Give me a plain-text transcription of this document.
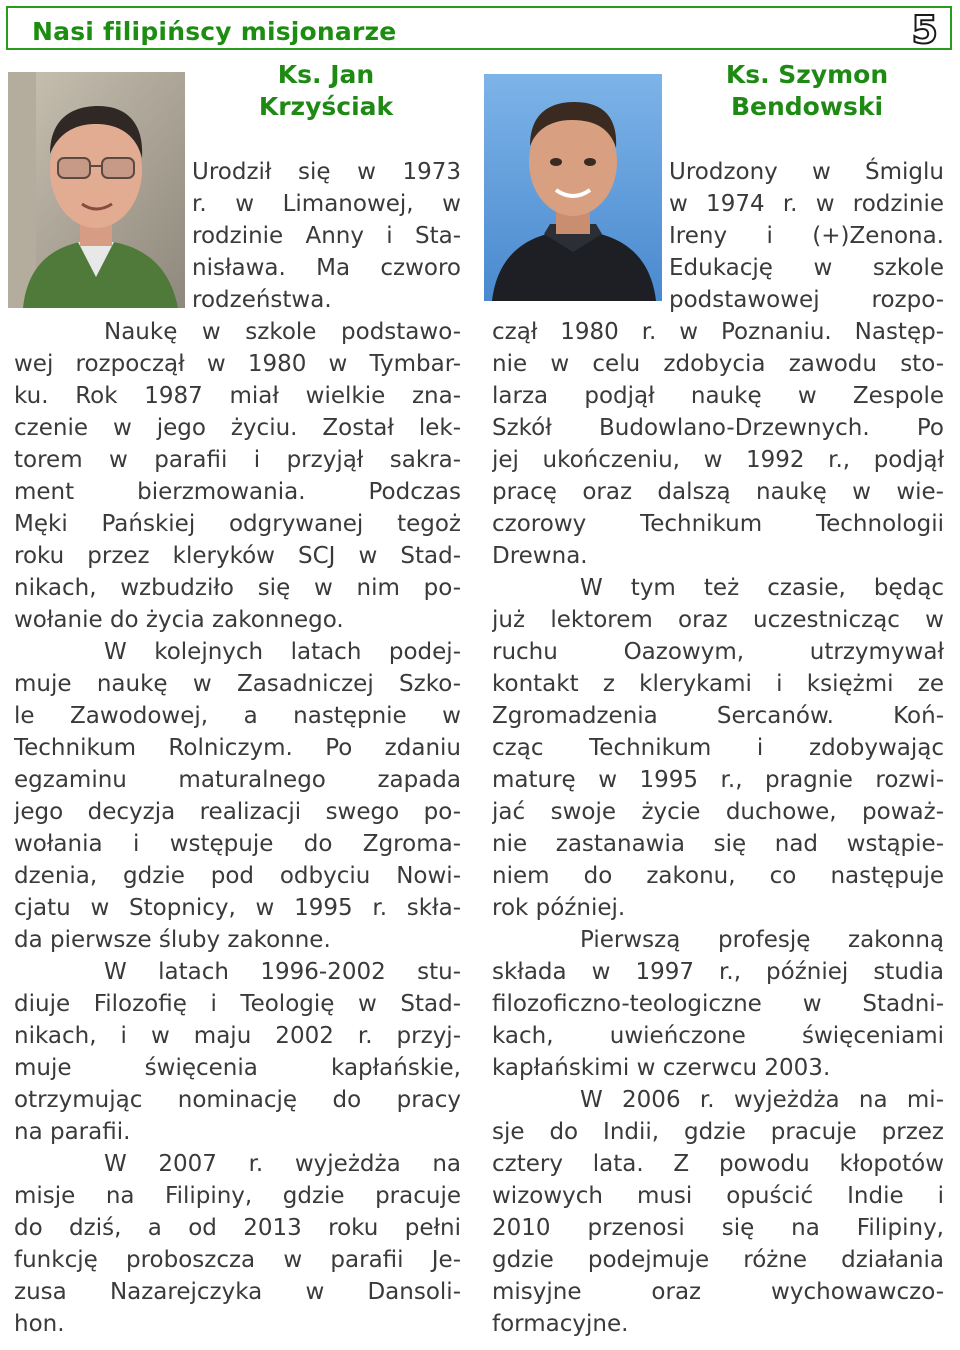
Nasi filipińscy misjonarze	5
Ks. Jan
Krzyściak
Ks. Szymon
Bendowski
Urodził się w 1973
r. w Limanowej, w
rodzinie Anny i Sta-
nisława. Ma czworo
rodzeństwa.
Naukę w szkole podstawo-
wej rozpoczął w 1980 w Tymbar-
ku. Rok 1987 miał wielkie zna-
czenie w jego życiu. Został lek-
torem w parafii i przyjął sakra-
ment bierzmowania. Podczas
Męki Pańskiej odgrywanej tegoż
roku przez kleryków SCJ w Stad-
nikach, wzbudziło się w nim po-
wołanie do życia zakonnego.
W kolejnych latach podej-
muje naukę w Zasadniczej Szko-
le Zawodowej, a następnie w
Technikum Rolniczym. Po zdaniu
egzaminu maturalnego zapada
jego decyzja realizacji swego po-
wołania i wstępuje do Zgroma-
dzenia, gdzie pod odbyciu Nowi-
cjatu w Stopnicy, w 1995 r. skła-
da pierwsze śluby zakonne.
W latach 1996-2002 stu-
diuje Filozofię i Teologię w Stad-
nikach, i w maju 2002 r. przyj-
muje święcenia kapłańskie,
otrzymując nominację do pracy
na parafii.
W 2007 r. wyjeżdża na
misje na Filipiny, gdzie pracuje
do dziś, a od 2013 roku pełni
funkcję proboszcza w parafii Je-
zusa Nazarejczyka w Dansoli-
hon.
Urodzony w Śmiglu
w 1974 r. w rodzinie
Ireny i (+)Zenona.
Edukację w szkole
podstawowej rozpo-
czął 1980 r. w Poznaniu. Następ-
nie w celu zdobycia zawodu sto-
larza podjął naukę w Zespole
Szkół Budowlano-Drzewnych. Po
jej ukończeniu, w 1992 r., podjął
pracę oraz dalszą naukę w wie-
czorowy Technikum Technologii
Drewna.
W tym też czasie, będąc
już lektorem oraz uczestnicząc w
ruchu Oazowym, utrzymywał
kontakt z klerykami i księżmi ze
Zgromadzenia Sercanów. Koń-
cząc Technikum i zdobywając
maturę w 1995 r., pragnie rozwi-
jać swoje życie duchowe, poważ-
nie zastanawia się nad wstąpie-
niem do zakonu, co następuje
rok później.
Pierwszą profesję zakonną
składa w 1997 r., później studia
filozoficzno-teologiczne w Stadni-
kach, uwieńczone święceniami
kapłańskimi w czerwcu 2003.
W 2006 r. wyjeżdża na mi-
sje do Indii, gdzie pracuje przez
cztery lata. Z powodu kłopotów
wizowych musi opuścić Indie i
2010 przenosi się na Filipiny,
gdzie podejmuje różne działania
misyjne oraz wychowawczo-
formacyjne.
